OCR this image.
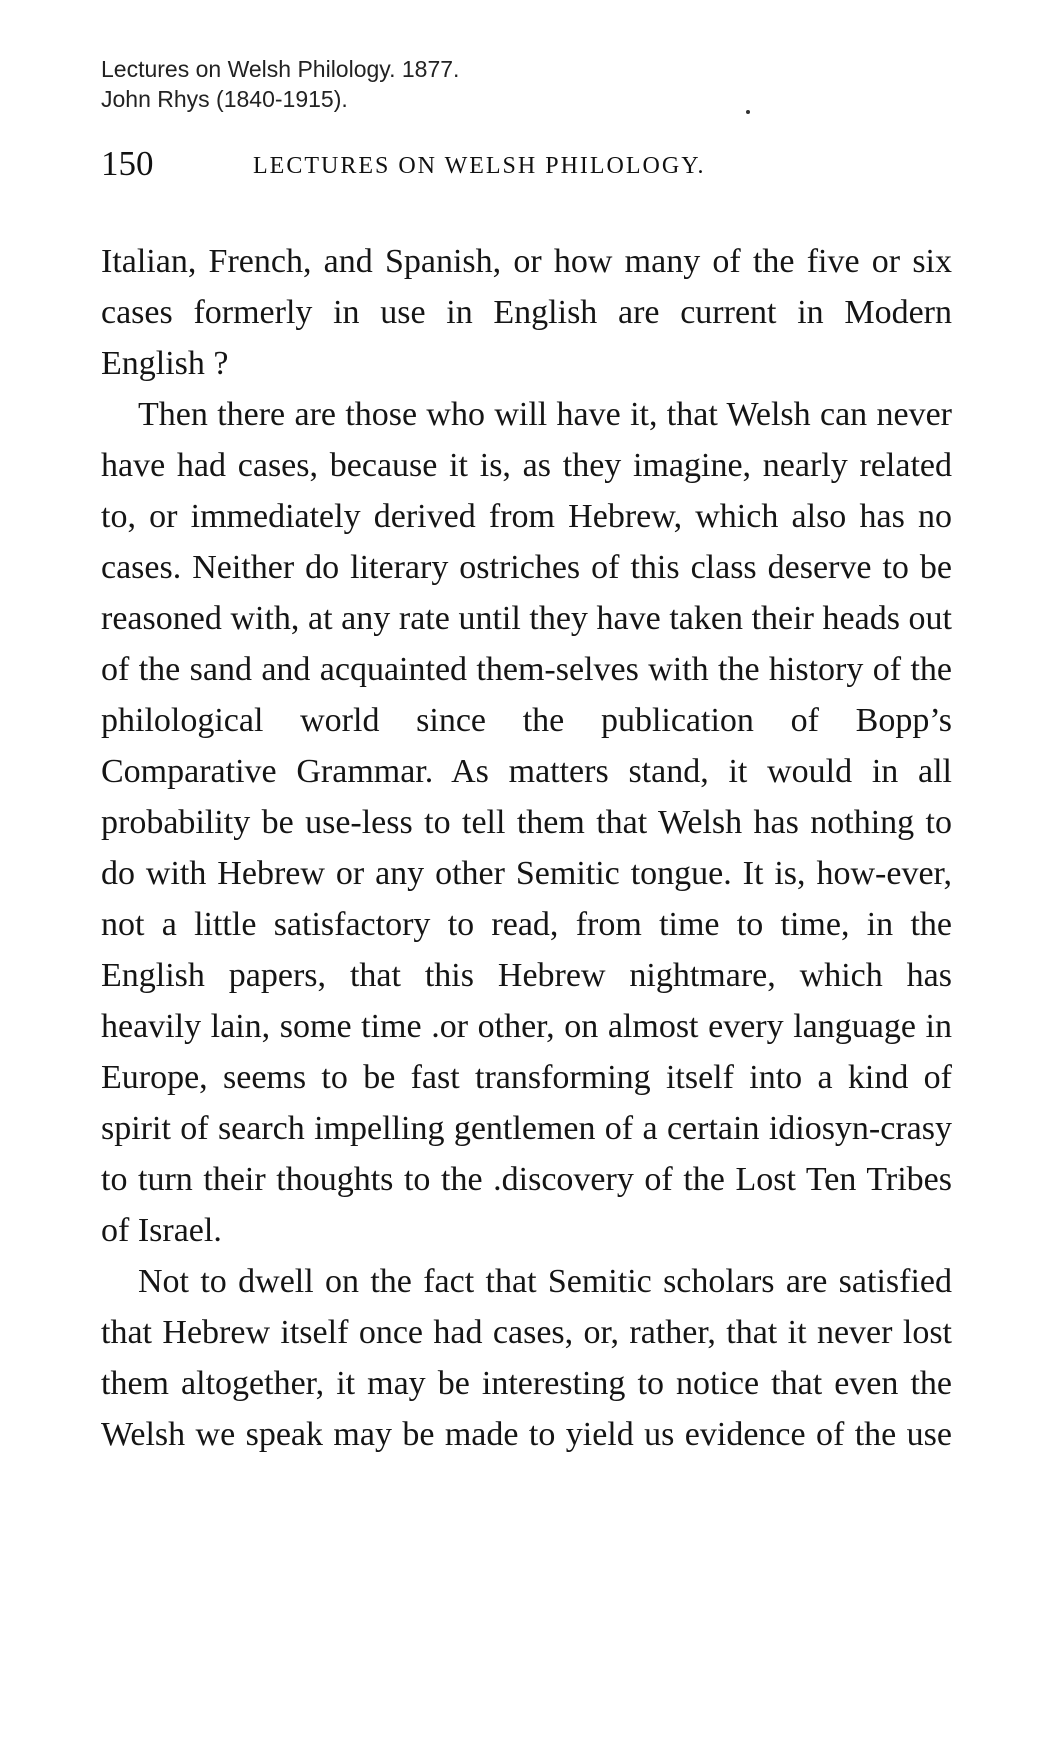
Lectures on Welsh Philology. 1877.
John Rhys (1840-1915).
150	LECTURES ON WELSH PHILOLOGY.

Italian, French, and Spanish, or how many of the five or six cases formerly in use in English are current in Modern English ?

Then there are those who will have it, that Welsh can never have had cases, because it is, as they imagine, nearly related to, or immediately derived from Hebrew, which also has no cases. Neither do literary ostriches of this class deserve to be reasoned with, at any rate until they have taken their heads out of the sand and acquainted them-selves with the history of the philological world since the publication of Bopp’s Comparative Grammar. As matters stand, it would in all probability be use-less to tell them that Welsh has nothing to do with Hebrew or any other Semitic tongue. It is, how-ever, not a little satisfactory to read, from time to time, in the English papers, that this Hebrew nightmare, which has heavily lain, some time .or other, on almost every language in Europe, seems to be fast transforming itself into a kind of spirit of search impelling gentlemen of a certain idiosyn-crasy to turn their thoughts to the .discovery of the Lost Ten Tribes of Israel.

Not to dwell on the fact that Semitic scholars are satisfied that Hebrew itself once had cases, or, rather, that it never lost them altogether, it may be interesting to notice that even the Welsh we speak may be made to yield us evidence of the use
